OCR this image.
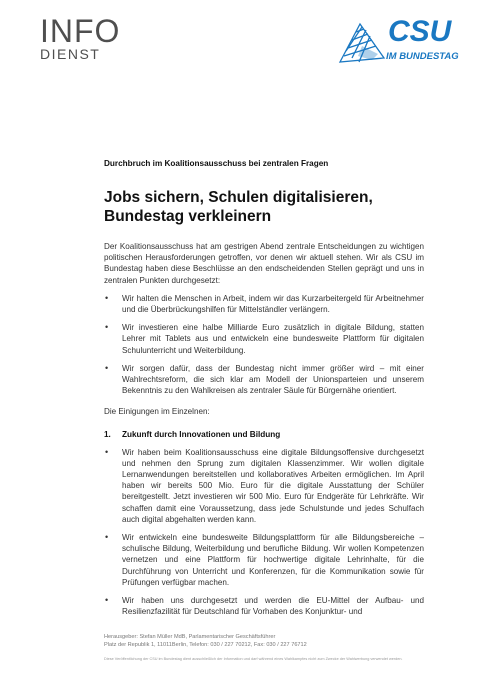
INFO
DIENST
CSU
IM BUNDESTAG
Durchbruch im Koalitionsausschuss bei zentralen Fragen
Jobs sichern, Schulen digitalisieren, Bundestag verkleinern
Der Koalitionsausschuss hat am gestrigen Abend zentrale Entscheidungen zu wichtigen politischen Herausforderungen getroffen, vor denen wir aktuell stehen. Wir als CSU im Bundestag haben diese Beschlüsse an den endscheidenden Stellen geprägt und uns in zentralen Punkten durchgesetzt:
• Wir halten die Menschen in Arbeit, indem wir das Kurzarbeitergeld für Arbeitnehmer und die Überbrückungshilfen für Mittelständler verlängern.
• Wir investieren eine halbe Milliarde Euro zusätzlich in digitale Bildung, statten Lehrer mit Tablets aus und entwickeln eine bundesweite Plattform für digitalen Schulunterricht und Weiterbildung.
• Wir sorgen dafür, dass der Bundestag nicht immer größer wird – mit einer Wahlrechtsreform, die sich klar am Modell der Unionsparteien und unserem Bekenntnis zu den Wahlkreisen als zentraler Säule für Bürgernähe orientiert.
Die Einigungen im Einzelnen:
1. Zukunft durch Innovationen und Bildung
• Wir haben beim Koalitionsausschuss eine digitale Bildungsoffensive durchgesetzt und nehmen den Sprung zum digitalen Klassenzimmer. Wir wollen digitale Lernanwendungen bereitstellen und kollaboratives Arbeiten ermöglichen. Im April haben wir bereits 500 Mio. Euro für die digitale Ausstattung der Schüler bereitgestellt. Jetzt investieren wir 500 Mio. Euro für Endgeräte für Lehrkräfte. Wir schaffen damit eine Voraussetzung, dass jede Schulstunde und jedes Schulfach auch digital abgehalten werden kann.
• Wir entwickeln eine bundesweite Bildungsplattform für alle Bildungsbereiche – schulische Bildung, Weiterbildung und berufliche Bildung. Wir wollen Kompetenzen vernetzen und eine Plattform für hochwertige digitale Lehrinhalte, für die Durchführung von Unterricht und Konferenzen, für die Kommunikation sowie für Prüfungen verfügbar machen.
• Wir haben uns durchgesetzt und werden die EU-Mittel der Aufbau- und Resilienzfazilität für Deutschland für Vorhaben des Konjunktur- und
Herausgeber: Stefan Müller MdB, Parlamentarischer Geschäftsführer
Platz der Republik 1, 11011Berlin, Telefon: 030 / 227 70212, Fax: 030 / 227 76712
Diese Veröffentlichung der CSU im Bundestag dient ausschließlich der Information und darf während eines Wahlkampfes nicht zum Zwecke der Wahlwerbung verwendet werden.
